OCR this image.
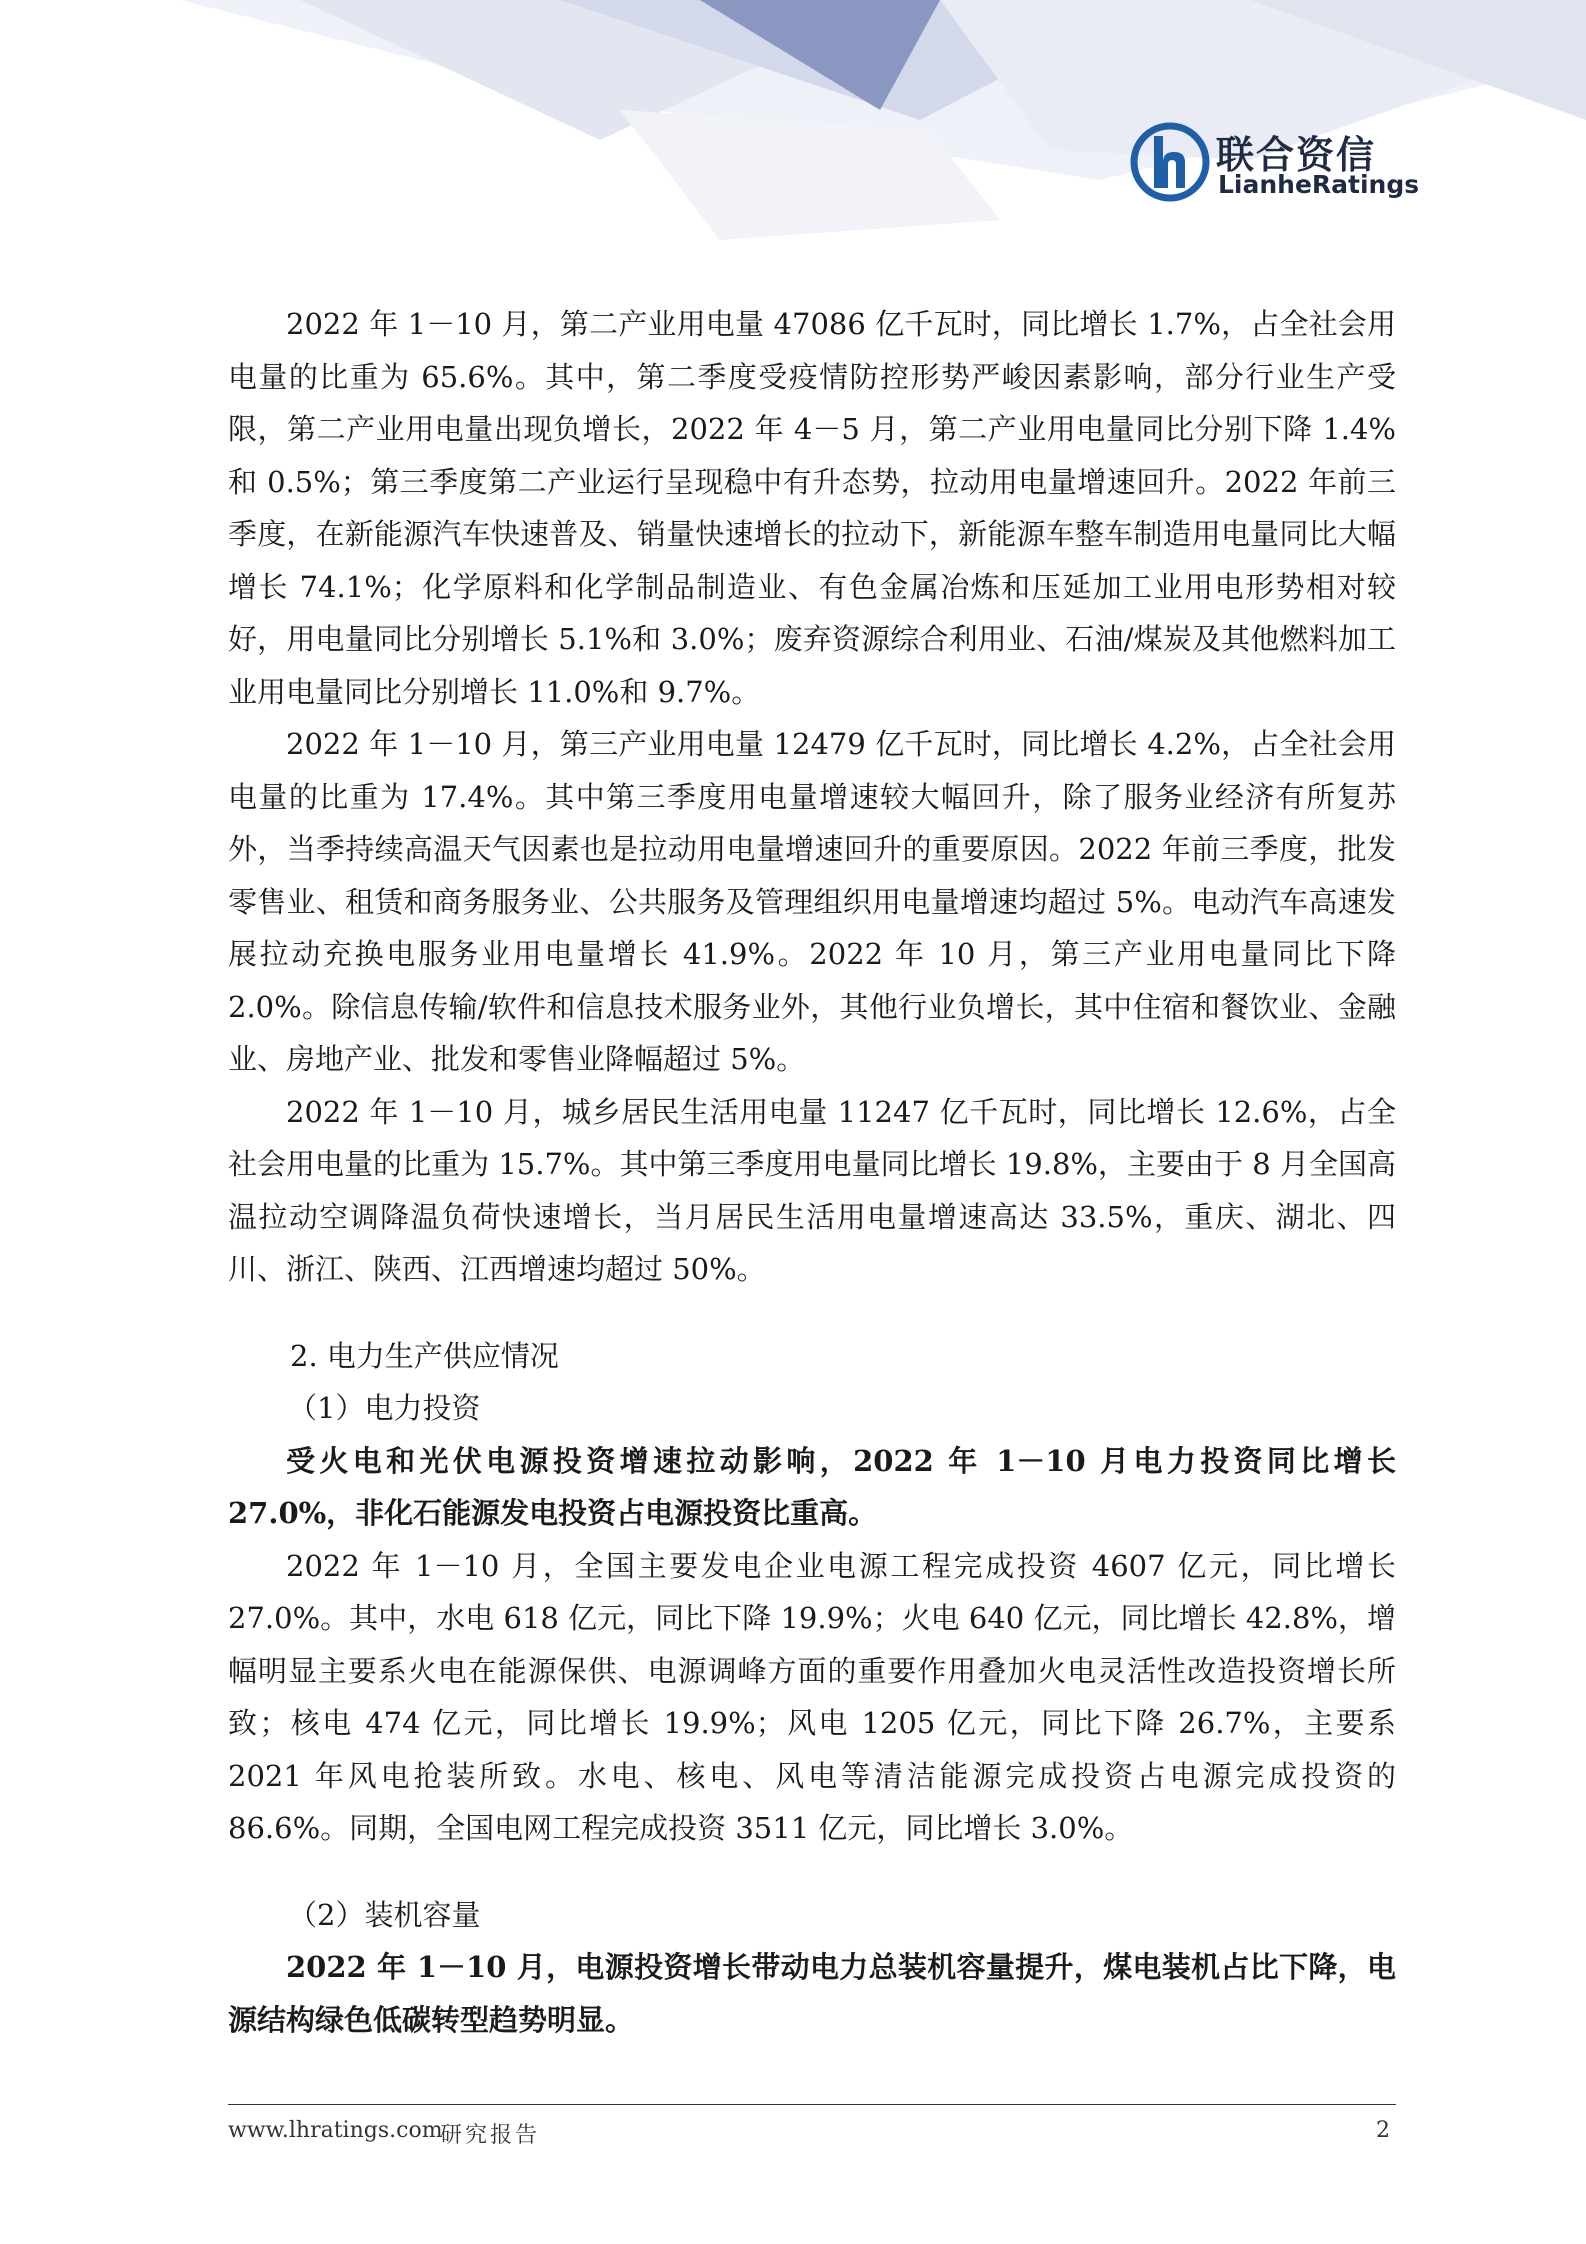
联合资信
LianheRatings

2022 年 1－10 月，第二产业用电量 47086 亿千瓦时，同比增长 1.7%，占全社会用电量的比重为 65.6%。其中，第二季度受疫情防控形势严峻因素影响，部分行业生产受限，第二产业用电量出现负增长，2022 年 4－5 月，第二产业用电量同比分别下降 1.4%和 0.5%；第三季度第二产业运行呈现稳中有升态势，拉动用电量增速回升。2022 年前三季度，在新能源汽车快速普及、销量快速增长的拉动下，新能源车整车制造用电量同比大幅增长 74.1%；化学原料和化学制品制造业、有色金属冶炼和压延加工业用电形势相对较好，用电量同比分别增长 5.1%和 3.0%；废弃资源综合利用业、石油/煤炭及其他燃料加工业用电量同比分别增长 11.0%和 9.7%。

2022 年 1－10 月，第三产业用电量 12479 亿千瓦时，同比增长 4.2%，占全社会用电量的比重为 17.4%。其中第三季度用电量增速较大幅回升，除了服务业经济有所复苏外，当季持续高温天气因素也是拉动用电量增速回升的重要原因。2022 年前三季度，批发零售业、租赁和商务服务业、公共服务及管理组织用电量增速均超过 5%。电动汽车高速发展拉动充换电服务业用电量增长 41.9%。2022 年 10 月，第三产业用电量同比下降 2.0%。除信息传输/软件和信息技术服务业外，其他行业负增长，其中住宿和餐饮业、金融业、房地产业、批发和零售业降幅超过 5%。

2022 年 1－10 月，城乡居民生活用电量 11247 亿千瓦时，同比增长 12.6%，占全社会用电量的比重为 15.7%。其中第三季度用电量同比增长 19.8%，主要由于 8 月全国高温拉动空调降温负荷快速增长，当月居民生活用电量增速高达 33.5%，重庆、湖北、四川、浙江、陕西、江西增速均超过 50%。

2. 电力生产供应情况
（1）电力投资

受火电和光伏电源投资增速拉动影响，2022 年 1－10 月电力投资同比增长 27.0%，非化石能源发电投资占电源投资比重高。

2022 年 1－10 月，全国主要发电企业电源工程完成投资 4607 亿元，同比增长 27.0%。其中，水电 618 亿元，同比下降 19.9%；火电 640 亿元，同比增长 42.8%，增幅明显主要系火电在能源保供、电源调峰方面的重要作用叠加火电灵活性改造投资增长所致；核电 474 亿元，同比增长 19.9%；风电 1205 亿元，同比下降 26.7%，主要系 2021 年风电抢装所致。水电、核电、风电等清洁能源完成投资占电源完成投资的 86.6%。同期，全国电网工程完成投资 3511 亿元，同比增长 3.0%。

（2）装机容量

2022 年 1－10 月，电源投资增长带动电力总装机容量提升，煤电装机占比下降，电源结构绿色低碳转型趋势明显。

www.lhratings.com
研究报告	2
